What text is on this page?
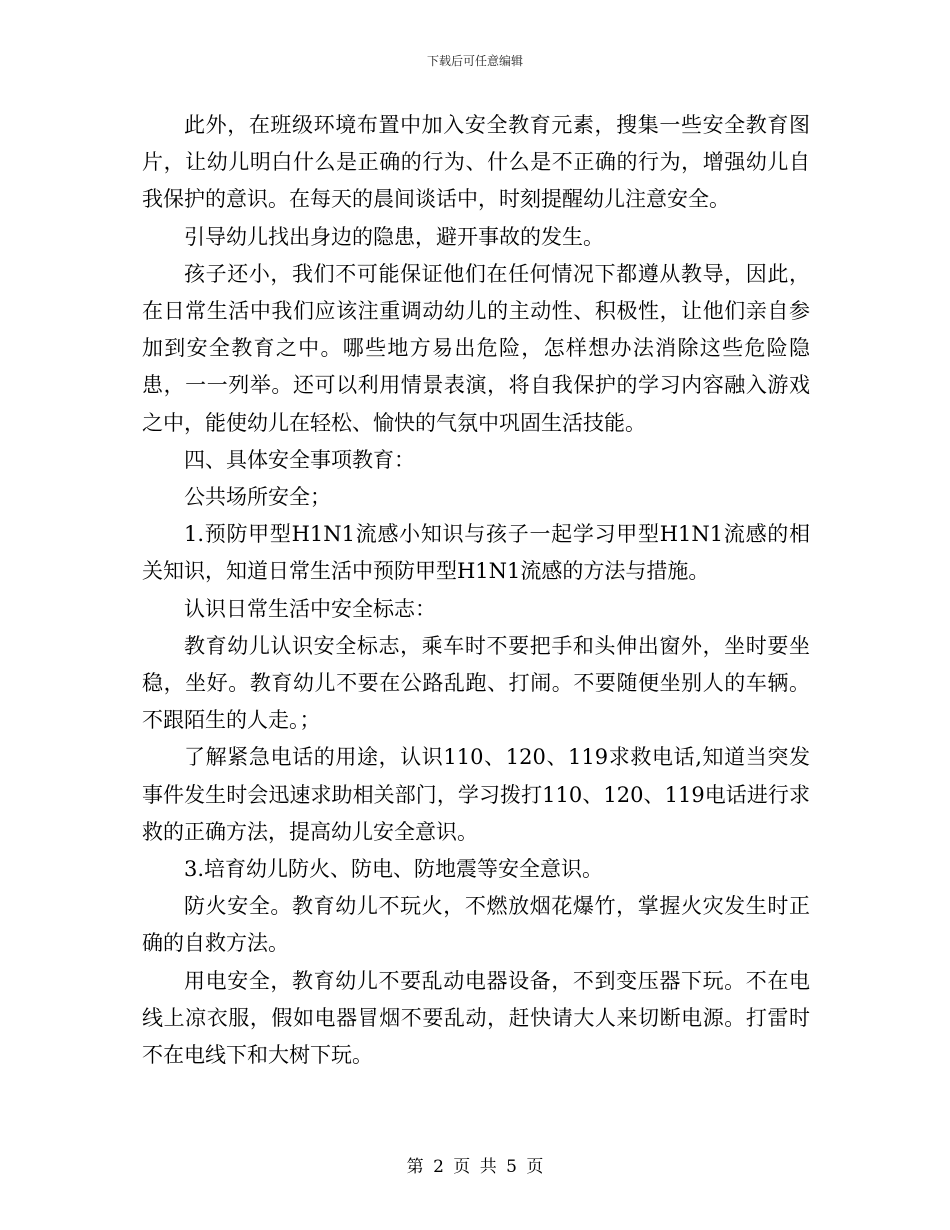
下载后可任意编辑

此外，在班级环境布置中加入安全教育元素，搜集一些安全教育图片，让幼儿明白什么是正确的行为、什么是不正确的行为，增强幼儿自我保护的意识。在每天的晨间谈话中，时刻提醒幼儿注意安全。

引导幼儿找出身边的隐患，避开事故的发生。

孩子还小，我们不可能保证他们在任何情况下都遵从教导，因此，在日常生活中我们应该注重调动幼儿的主动性、积极性，让他们亲自参加到安全教育之中。哪些地方易出危险，怎样想办法消除这些危险隐患，一一列举。还可以利用情景表演，将自我保护的学习内容融入游戏之中，能使幼儿在轻松、愉快的气氛中巩固生活技能。

四、具体安全事项教育：

公共场所安全；

1.预防甲型H1N1流感小知识与孩子一起学习甲型H1N1流感的相关知识，知道日常生活中预防甲型H1N1流感的方法与措施。

认识日常生活中安全标志：

教育幼儿认识安全标志，乘车时不要把手和头伸出窗外，坐时要坐稳，坐好。教育幼儿不要在公路乱跑、打闹。不要随便坐别人的车辆。不跟陌生的人走。；

了解紧急电话的用途，认识110、120、119求救电话,知道当突发事件发生时会迅速求助相关部门，学习拨打110、120、119电话进行求救的正确方法，提高幼儿安全意识。

3.培育幼儿防火、防电、防地震等安全意识。

防火安全。教育幼儿不玩火，不燃放烟花爆竹，掌握火灾发生时正确的自救方法。

用电安全，教育幼儿不要乱动电器设备，不到变压器下玩。不在电线上凉衣服，假如电器冒烟不要乱动，赶快请大人来切断电源。打雷时不在电线下和大树下玩。

第 2 页 共 5 页
